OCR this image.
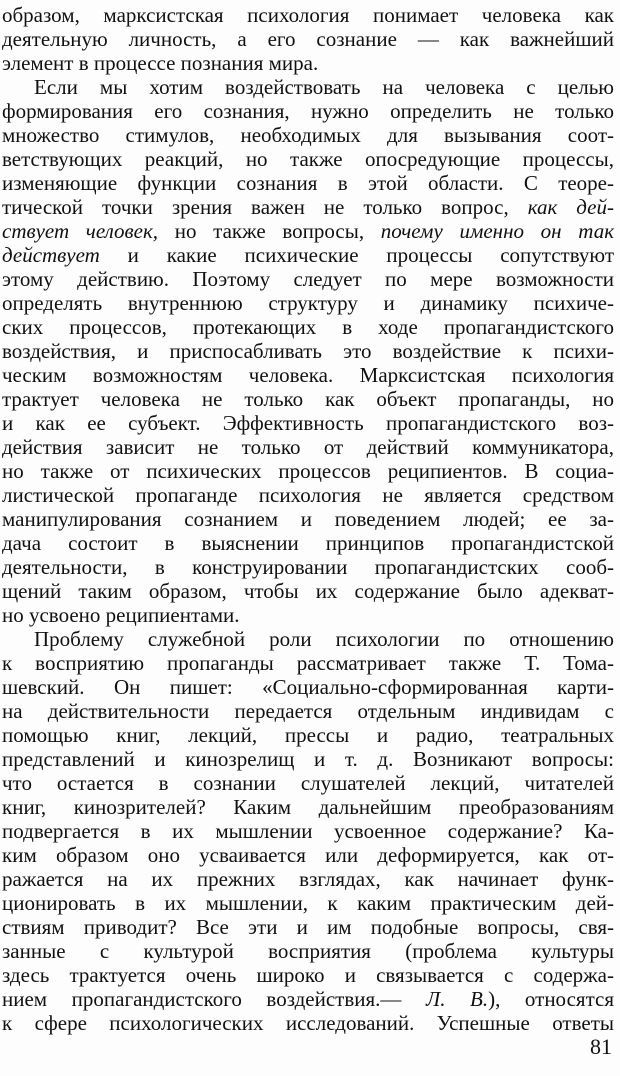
образом, марксистская психология понимает человека как
деятельную личность, а его сознание — как важнейший
элемент в процессе познания мира.
Если мы хотим воздействовать на человека с целью
формирования его сознания, нужно определить не только
множество стимулов, необходимых для вызывания соот-
ветствующих реакций, но также опосредующие процессы,
изменяющие функции сознания в этой области. С теоре-
тической точки зрения важен не только вопрос, как дей-
ствует человек, но также вопросы, почему именно он так
действует и какие психические процессы сопутствуют
этому действию. Поэтому следует по мере возможности
определять внутреннюю структуру и динамику психиче-
ских процессов, протекающих в ходе пропагандистского
воздействия, и приспосабливать это воздействие к психи-
ческим возможностям человека. Марксистская психология
трактует человека не только как объект пропаганды, но
и как ее субъект. Эффективность пропагандистского воз-
действия зависит не только от действий коммуникатора,
но также от психических процессов реципиентов. В социа-
листической пропаганде психология не является средством
манипулирования сознанием и поведением людей; ее за-
дача состоит в выяснении принципов пропагандистской
деятельности, в конструировании пропагандистских сооб-
щений таким образом, чтобы их содержание было адекват-
но усвоено реципиентами.
Проблему служебной роли психологии по отношению
к восприятию пропаганды рассматривает также Т. Тома-
шевский. Он пишет: «Социально-сформированная карти-
на действительности передается отдельным индивидам с
помощью книг, лекций, прессы и радио, театральных
представлений и кинозрелищ и т. д. Возникают вопросы:
что остается в сознании слушателей лекций, читателей
книг, кинозрителей? Каким дальнейшим преобразованиям
подвергается в их мышлении усвоенное содержание? Ка-
ким образом оно усваивается или деформируется, как от-
ражается на их прежних взглядах, как начинает функ-
ционировать в их мышлении, к каким практическим дей-
ствиям приводит? Все эти и им подобные вопросы, свя-
занные с культурой восприятия (проблема культуры
здесь трактуется очень широко и связывается с содержа-
нием пропагандистского воздействия.— Л. В.), относятся
к сфере психологических исследований. Успешные ответы
81
